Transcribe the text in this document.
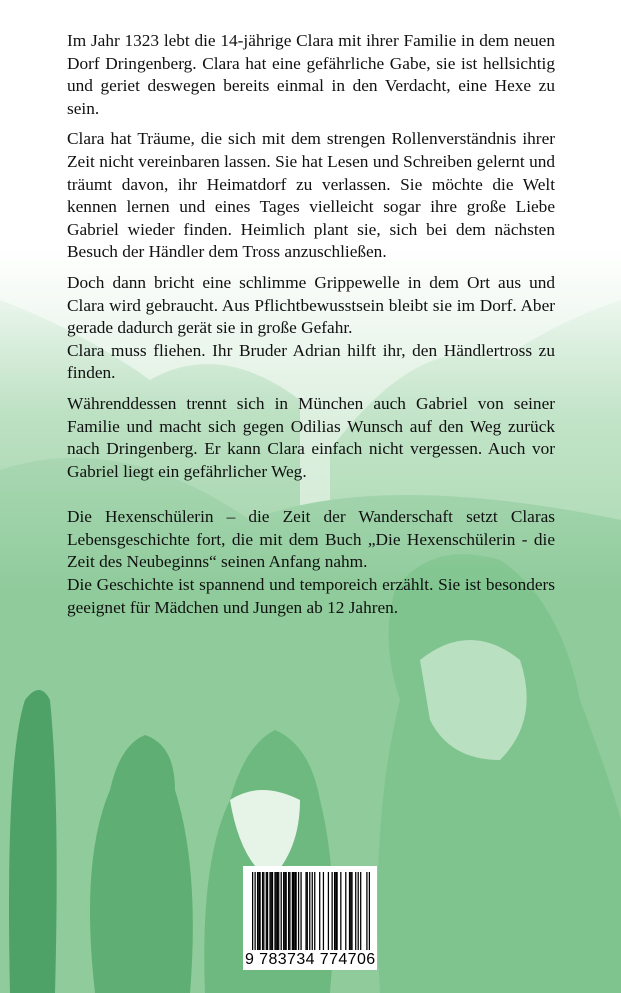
Im Jahr 1323 lebt die 14-jährige Clara mit ihrer Familie in dem neuen Dorf Dringenberg. Clara hat eine gefährliche Gabe, sie ist hellsichtig und geriet deswegen bereits einmal in den Verdacht, eine Hexe zu sein.

Clara hat Träume, die sich mit dem strengen Rollenverständnis ihrer Zeit nicht vereinbaren lassen. Sie hat Lesen und Schreiben gelernt und träumt davon, ihr Heimatdorf zu verlassen. Sie möchte die Welt kennen lernen und eines Tages vielleicht sogar ihre große Liebe Gabriel wieder finden. Heimlich plant sie, sich bei dem nächsten Besuch der Händler dem Tross anzuschließen.

Doch dann bricht eine schlimme Grippewelle in dem Ort aus und Clara wird gebraucht. Aus Pflichtbewusstsein bleibt sie im Dorf. Aber gerade dadurch gerät sie in große Gefahr.
Clara muss fliehen. Ihr Bruder Adrian hilft ihr, den Händlertross zu finden.

Währenddessen trennt sich in München auch Gabriel von seiner Familie und macht sich gegen Odilias Wunsch auf den Weg zurück nach Dringenberg. Er kann Clara einfach nicht vergessen. Auch vor Gabriel liegt ein gefährlicher Weg.

Die Hexenschülerin – die Zeit der Wanderschaft setzt Claras Lebensgeschichte fort, die mit dem Buch „Die Hexenschülerin - die Zeit des Neubeginns“ seinen Anfang nahm.
Die Geschichte ist spannend und temporeich erzählt. Sie ist besonders geeignet für Mädchen und Jungen ab 12 Jahren.

9 783734 774706
